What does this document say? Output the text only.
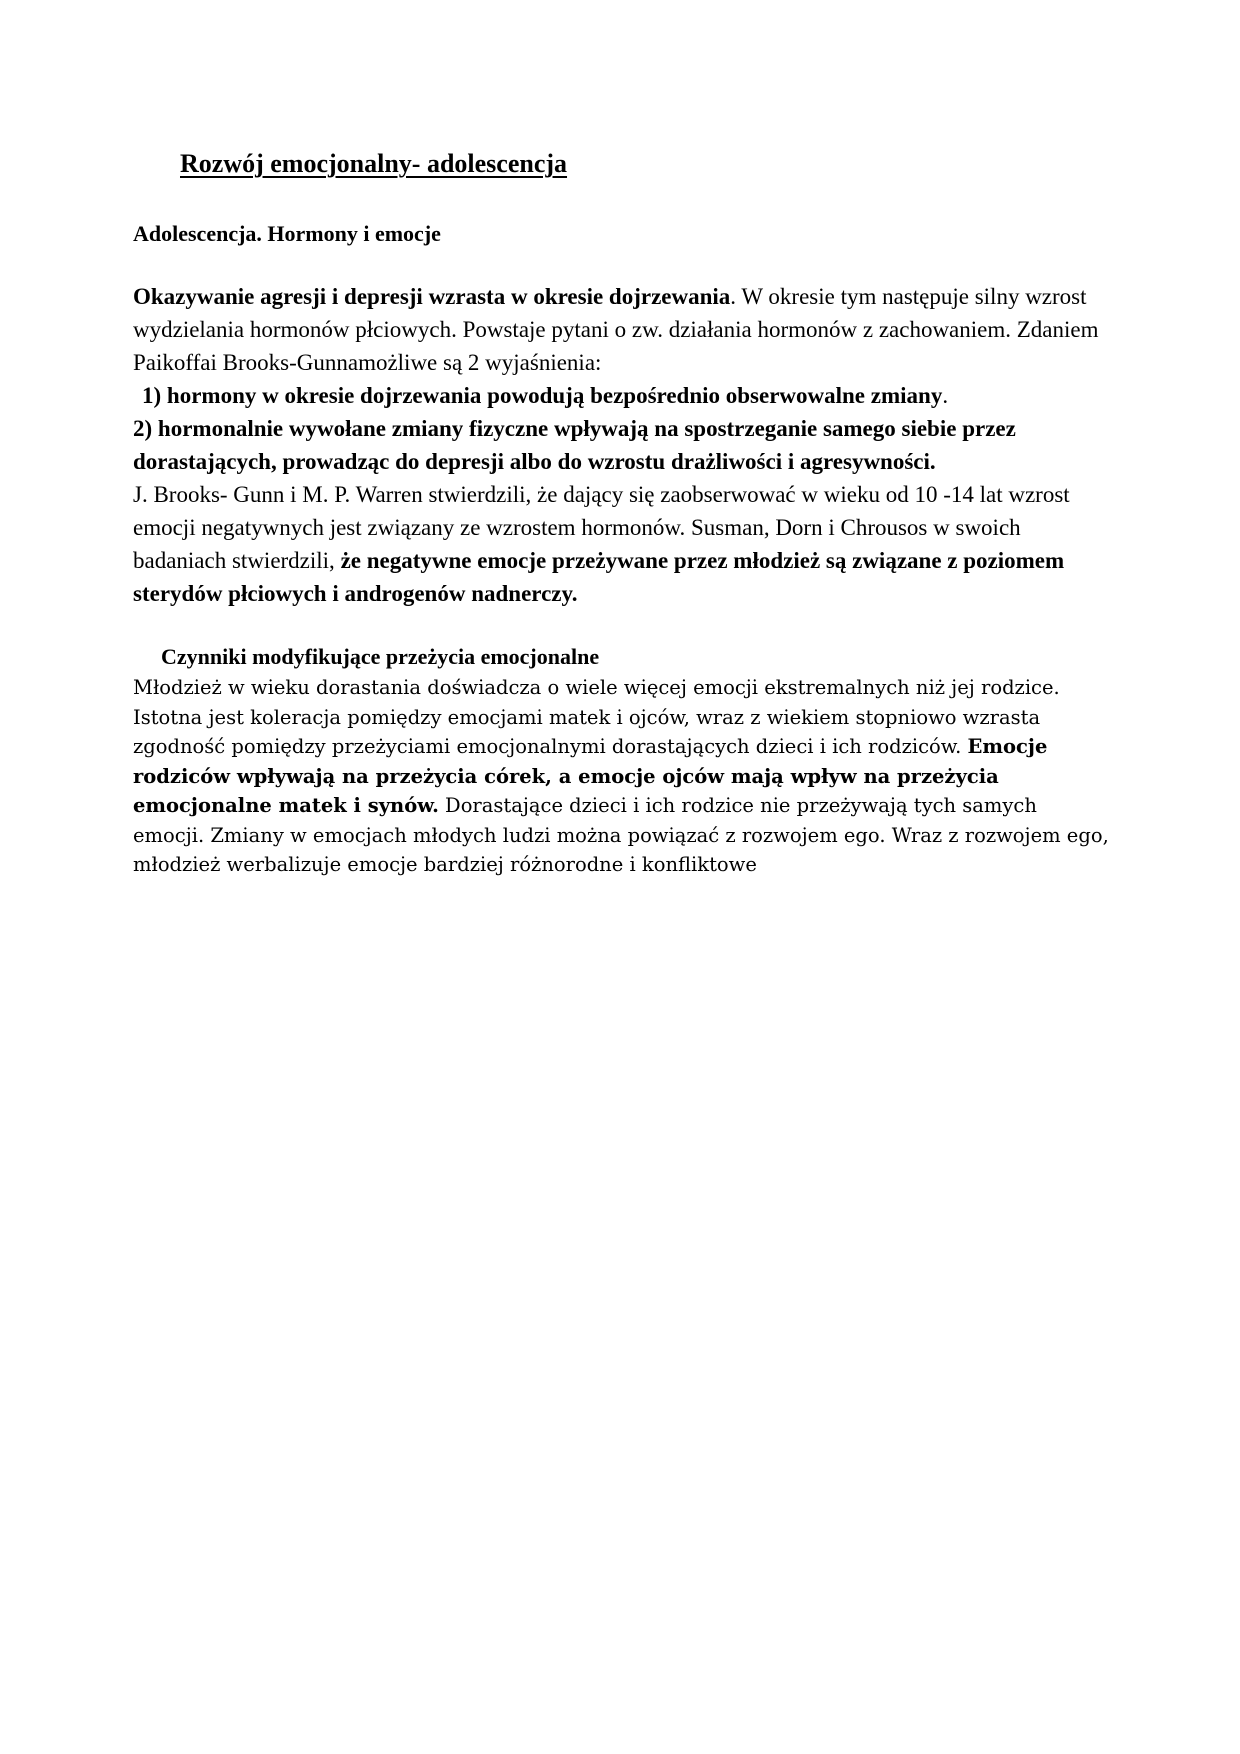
Rozwój emocjonalny- adolescencja
Adolescencja. Hormony i emocje

Okazywanie agresji i depresji wzrasta w okresie dojrzewania. W okresie tym następuje silny wzrost wydzielania hormonów płciowych. Powstaje pytani o zw. działania hormonów z zachowaniem. Zdaniem Paikoffai Brooks-Gunnamożliwe są 2 wyjaśnienia:
1) hormony w okresie dojrzewania powodują bezpośrednio obserwowalne zmiany.
2) hormonalnie wywołane zmiany fizyczne wpływają na spostrzeganie samego siebie przez dorastających, prowadząc do depresji albo do wzrostu drażliwości i agresywności.
J. Brooks- Gunn i M. P. Warren stwierdzili, że dający się zaobserwować w wieku od 10 -14 lat wzrost emocji negatywnych jest związany ze wzrostem hormonów. Susman, Dorn i Chrousos w swoich badaniach stwierdzili, że negatywne emocje przeżywane przez młodzież są związane z poziomem sterydów płciowych i androgenów nadnerczy.

Czynniki modyfikujące przeżycia emocjonalne

Młodzież w wieku dorastania doświadcza o wiele więcej emocji ekstremalnych niż jej rodzice. Istotna jest koleracja pomiędzy emocjami matek i ojców, wraz z wiekiem stopniowo wzrasta zgodność pomiędzy przeżyciami emocjonalnymi dorastających dzieci i ich rodziców. Emocje rodziców wpływają na przeżycia córek, a emocje ojców mają wpływ na przeżycia emocjonalne matek i synów. Dorastające dzieci i ich rodzice nie przeżywają tych samych emocji. Zmiany w emocjach młodych ludzi można powiązać z rozwojem ego. Wraz z rozwojem ego, młodzież werbalizuje emocje bardziej różnorodne i konfliktowe
